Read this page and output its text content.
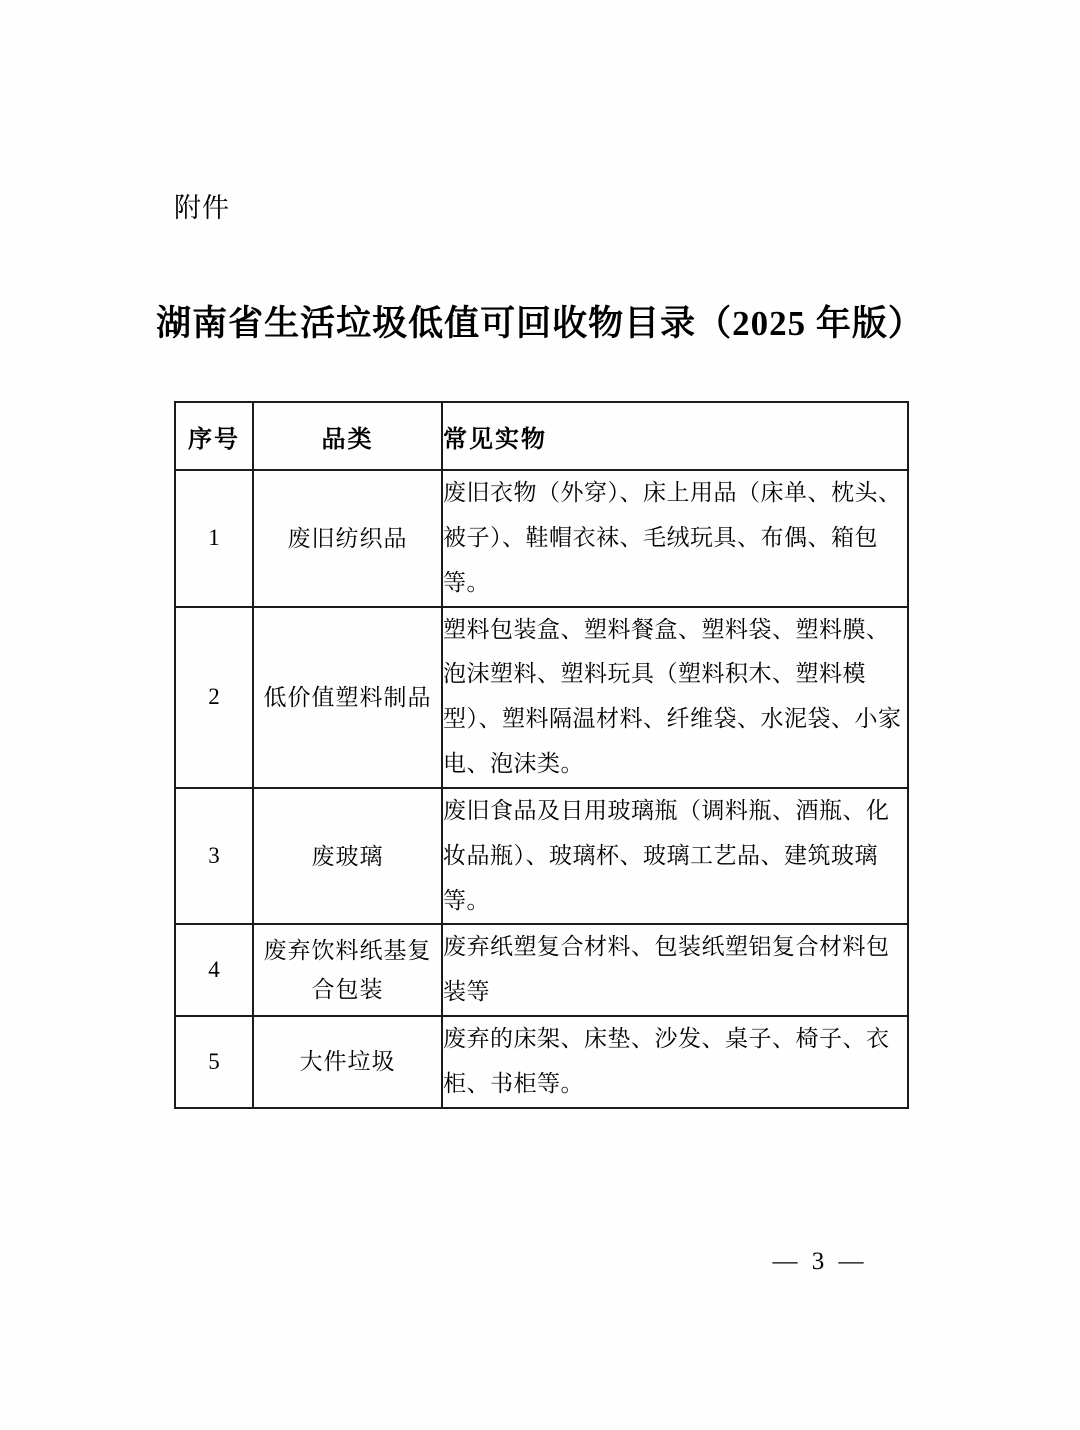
附件
湖南省生活垃圾低值可回收物目录（2025 年版）
序号	品类	常见实物
1	废旧纺织品	废旧衣物（外穿）、床上用品（床单、枕头、被子）、鞋帽衣袜、毛绒玩具、布偶、箱包等。
2	低价值塑料制品	塑料包装盒、塑料餐盒、塑料袋、塑料膜、泡沫塑料、塑料玩具（塑料积木、塑料模型）、塑料隔温材料、纤维袋、水泥袋、小家电、泡沫类。
3	废玻璃	废旧食品及日用玻璃瓶（调料瓶、酒瓶、化妆品瓶）、玻璃杯、玻璃工艺品、建筑玻璃等。
4	废弃饮料纸基复合包装	废弃纸塑复合材料、包装纸塑铝复合材料包装等
5	大件垃圾	废弃的床架、床垫、沙发、桌子、椅子、衣柜、书柜等。
— 3 —
